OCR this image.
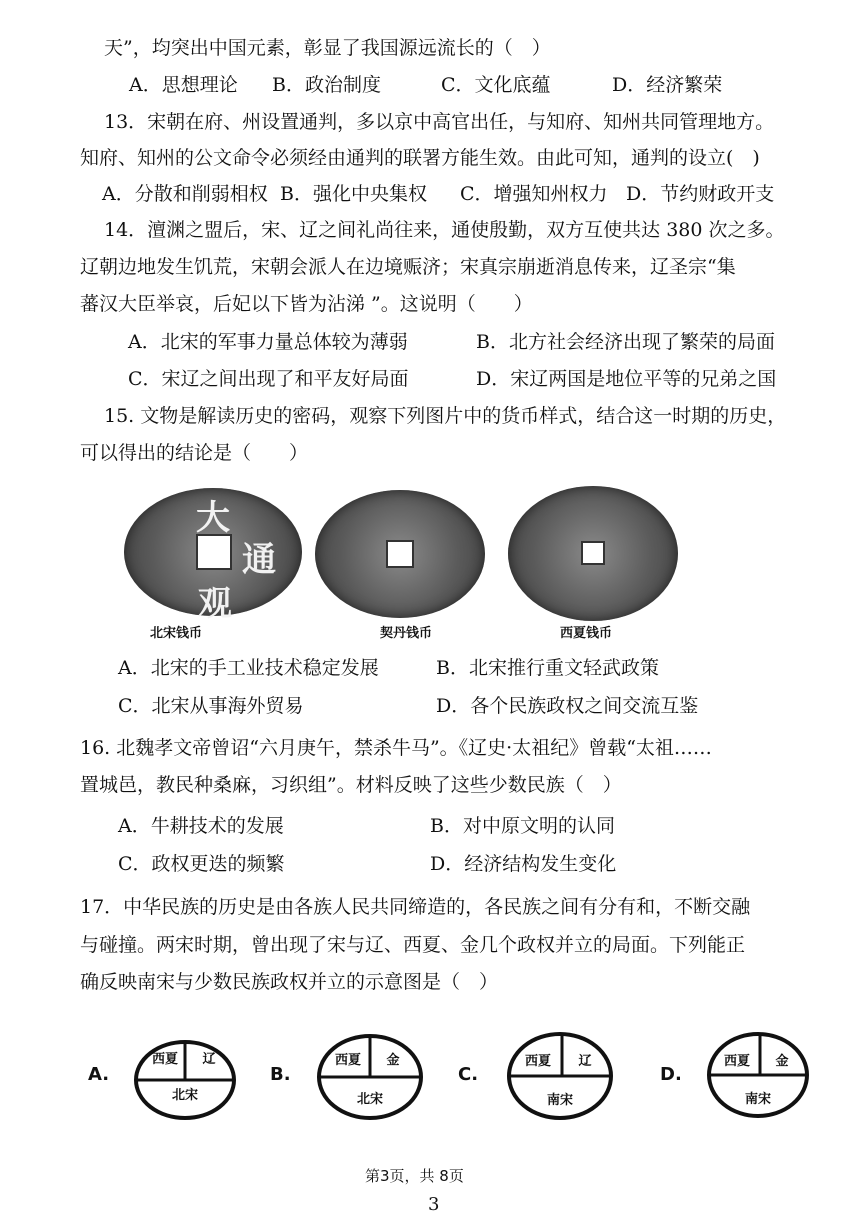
天”，均突出中国元素，彰显了我国源远流长的（　）
A．思想理论 B．政治制度	C．文化底蕴	D．经济繁荣
13．宋朝在府、州设置通判，多以京中高官出任，与知府、知州共同管理地方。
知府、知州的公文命令必须经由通判的联署方能生效。由此可知，通判的设立(　)
A．分散和削弱相权 B．强化中央集权 C．增强知州权力 D．节约财政开支
14．澶渊之盟后，宋、辽之间礼尚往来，通使殷勤，双方互使共达 380 次之多。
辽朝边地发生饥荒，宋朝会派人在边境赈济；宋真宗崩逝消息传来，辽圣宗“集
蕃汉大臣举哀，后妃以下皆为沾涕 ”。这说明（　　）
A．北宋的军事力量总体较为薄弱	B．北方社会经济出现了繁荣的局面
C．宋辽之间出现了和平友好局面	D．宋辽两国是地位平等的兄弟之国
15. 文物是解读历史的密码，观察下列图片中的货币样式，结合这一时期的历史，
可以得出的结论是（　　）
大
通
观
北宋钱币	契丹钱币	西夏钱币
A．北宋的手工业技术稳定发展	B．北宋推行重文轻武政策
C．北宋从事海外贸易	D．各个民族政权之间交流互鉴
16. 北魏孝文帝曾诏“六月庚午，禁杀牛马”。《辽史·太祖纪》曾载“太祖……
置城邑，教民种桑麻，习织组”。材料反映了这些少数民族（　）
A．牛耕技术的发展	B．对中原文明的认同
C．政权更迭的频繁	D．经济结构发生变化
17．中华民族的历史是由各族人民共同缔造的，各民族之间有分有和，不断交融
与碰撞。两宋时期，曾出现了宋与辽、西夏、金几个政权并立的局面。下列能正
确反映南宋与少数民族政权并立的示意图是（　）
A.
西夏	辽
北宋
B.
西夏	金
北宋
C.
西夏	辽
南宋
D.
西夏	金
南宋
第3页，共 8页
3
